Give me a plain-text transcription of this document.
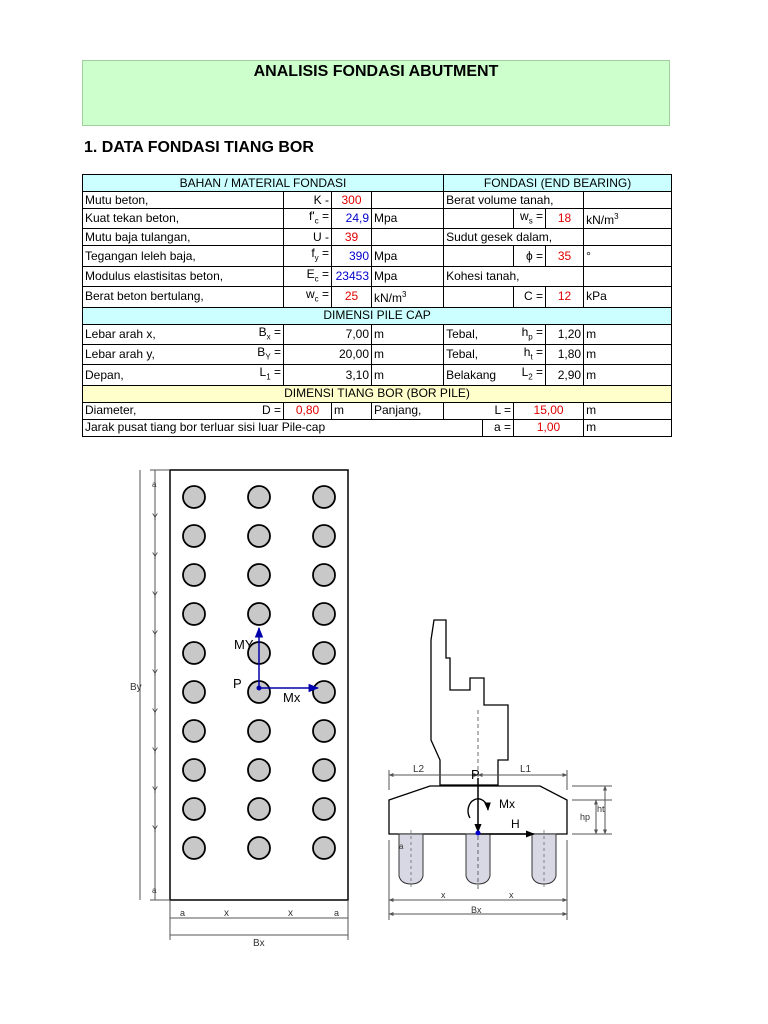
ANALISIS FONDASI ABUTMENT
1. DATA FONDASI TIANG BOR
BAHAN / MATERIAL FONDASI					FONDASI (END BEARING)				
Mutu beton,		K -	300		Berat volume tanah,				
Kuat tekan beton,		$f'_c$ =	24,9	Mpa			$w_s$ =	18	$kN/m^3$
Mutu baja tulangan,		U -	39		Sudut gesek dalam,				
Tegangan leleh baja,		$f_y$ =	390	Mpa			ϕ =	35	°
Modulus elastisitas beton,		$E_c$ =	23453	Mpa	Kohesi tanah,				
Berat beton bertulang,		$w_c$ =	25	$kN/m^3$			C =	12	kPa
DIMENSI PILE CAP									
Lebar arah x,	$B_x$ =	7,00		m	Tebal,		$h_p$ =	1,20	m
Lebar arah y,	$B_Y$ =	20,00		m	Tebal,		$h_t$ =	1,80	m
Depan,	$L_1$ =	3,10		m	Belakang		$L_2$ =	2,90	m
DIMENSI TIANG BOR (BOR PILE)									
Diameter,	D =	0,80	m	Panjang,	L =		15,00		m
Jarak pusat tiang bor terluar sisi luar Pile-cap						a =	1,00		m
By
Bx
a
a
a	a
x	x
Y
Y
Y
Y
Y
Y
Y
Y
Y
MY
P
Mx
L2	L1
P
Mx
H
ht
hp
x	x
Bx
a
